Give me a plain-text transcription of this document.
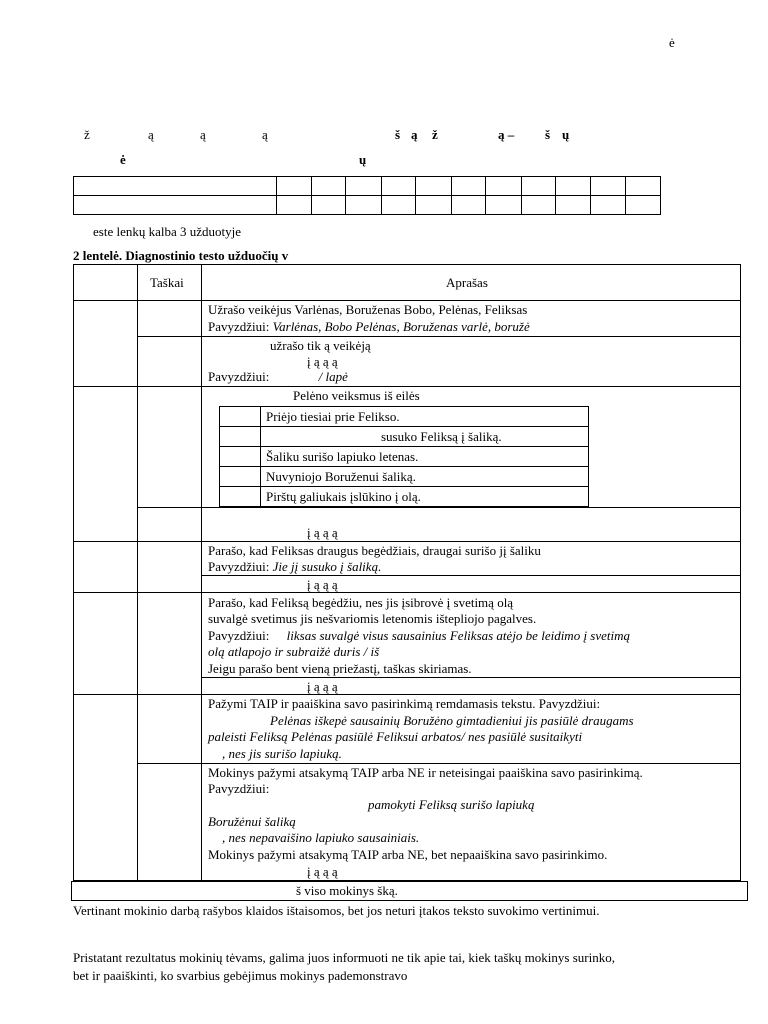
ė
ž	ą	ą	ą	š ą ž	ą – š ų
ė	ų

este lenkų kalba 3 užduotyje
2 lentelė. Diagnostinio testo užduočių v
Taškai	Aprašas
Užrašo veikėjus Varlėnas, Boruženas Bobo, Pelėnas, Feliksas
Pavyzdžiui: Varlėnas, Bobo Pelėnas, Boruženas varlė, boružė
užrašo tik ą veikėją
į ą ą ą
Pavyzdžiui:	/ lapė
Pelėno veiksmus iš eilės
	Priėjo tiesiai prie Felikso.
	susuko Feliksą į šaliką.
	Šaliku surišo lapiuko letenas.
	Nuvyniojo Boruženui šaliką.
	Pirštų galiukais įslūkino į olą.
į ą ą ą
Parašo, kad Feliksas draugus begėdžiais, draugai surišo jį šaliku
Pavyzdžiui: Jie jį susuko į šaliką.
į ą ą ą
Parašo, kad Feliksą begėdžiu, nes jis įsibrovė į svetimą olą
suvalgė svetimus jis nešvariomis letenomis ištepliojo pagalves.
Pavyzdžiui: liksas suvalgė visus sausainius Feliksas atėjo be leidimo į svetimą
olą atlapojo ir subraižė duris / iš
Jeigu parašo bent vieną priežastį, taškas skiriamas.
į ą ą ą
Pažymi TAIP ir paaiškina savo pasirinkimą remdamasis tekstu. Pavyzdžiui:
Pelėnas iškepė sausainių Boružėno gimtadieniui jis pasiūlė draugams
paleisti Feliksą Pelėnas pasiūlė Feliksui arbatos/ nes pasiūlė susitaikyti
, nes jis surišo lapiuką.
Mokinys pažymi atsakymą TAIP arba NE ir neteisingai paaiškina savo pasirinkimą.
Pavyzdžiui:
pamokyti Feliksą surišo lapiuką
Boružėnui šaliką
, nes nepavaišino lapiuko sausainiais.
Mokinys pažymi atsakymą TAIP arba NE, bet nepaaiškina savo pasirinkimo.
į ą ą ą
š viso mokinys šką.
Vertinant mokinio darbą rašybos klaidos ištaisomos, bet jos neturi įtakos teksto suvokimo vertinimui.
Pristatant rezultatus mokinių tėvams, galima juos informuoti ne tik apie tai, kiek taškų mokinys surinko,
bet ir paaiškinti, ko svarbius gebėjimus mokinys pademonstravo
